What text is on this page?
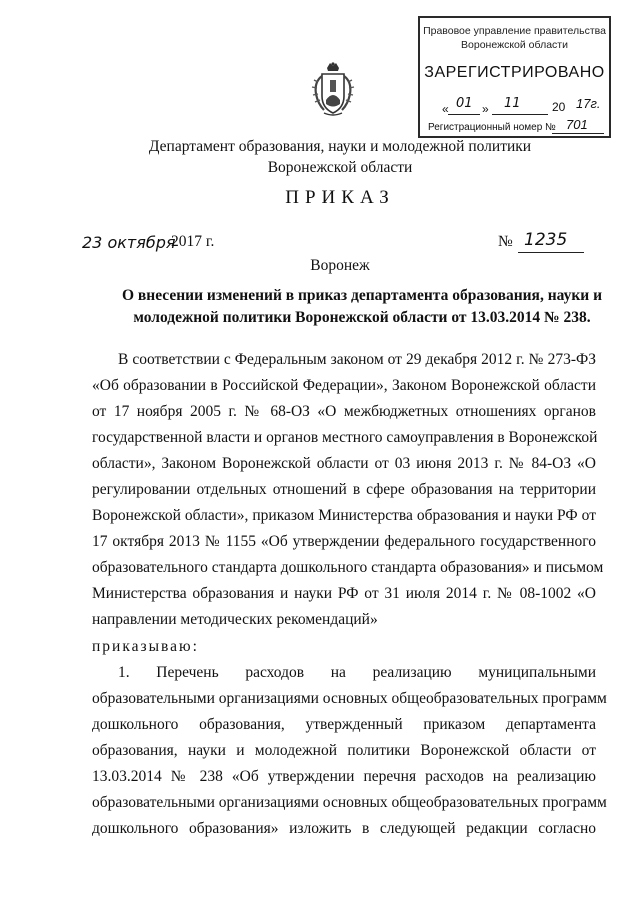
Правовое управление правительства
Воронежской области
ЗАРЕГИСТРИРОВАНО
« 01 » 11	20 17г.
Регистрационный номер № 701
Департамент образования, науки и молодежной политики
Воронежской области
ПРИКАЗ
23 октября
2017 г.	№ 1235
Воронеж
О внесении изменений в приказ департамента образования, науки и
молодежной политики Воронежской области от 13.03.2014 № 238.
В соответствии с Федеральным законом от 29 декабря 2012 г. № 273-ФЗ
«Об образовании в Российской Федерации», Законом Воронежской области
от 17 ноября 2005 г. № 68-ОЗ «О межбюджетных отношениях органов
государственной власти и органов местного самоуправления в Воронежской
области», Законом Воронежской области от 03 июня 2013 г. № 84-ОЗ «О
регулировании отдельных отношений в сфере образования на территории
Воронежской области», приказом Министерства образования и науки РФ от
17 октября 2013 № 1155 «Об утверждении федерального государственного
образовательного стандарта дошкольного стандарта образования» и письмом
Министерства образования и науки РФ от 31 июля 2014 г. № 08-1002 «О
направлении методических рекомендаций»
приказываю:
1. Перечень расходов на реализацию муниципальными
образовательными организациями основных общеобразовательных программ
дошкольного образования, утвержденный приказом департамента
образования, науки и молодежной политики Воронежской области от
13.03.2014 № 238 «Об утверждении перечня расходов на реализацию
образовательными организациями основных общеобразовательных программ
дошкольного образования» изложить в следующей редакции согласно
